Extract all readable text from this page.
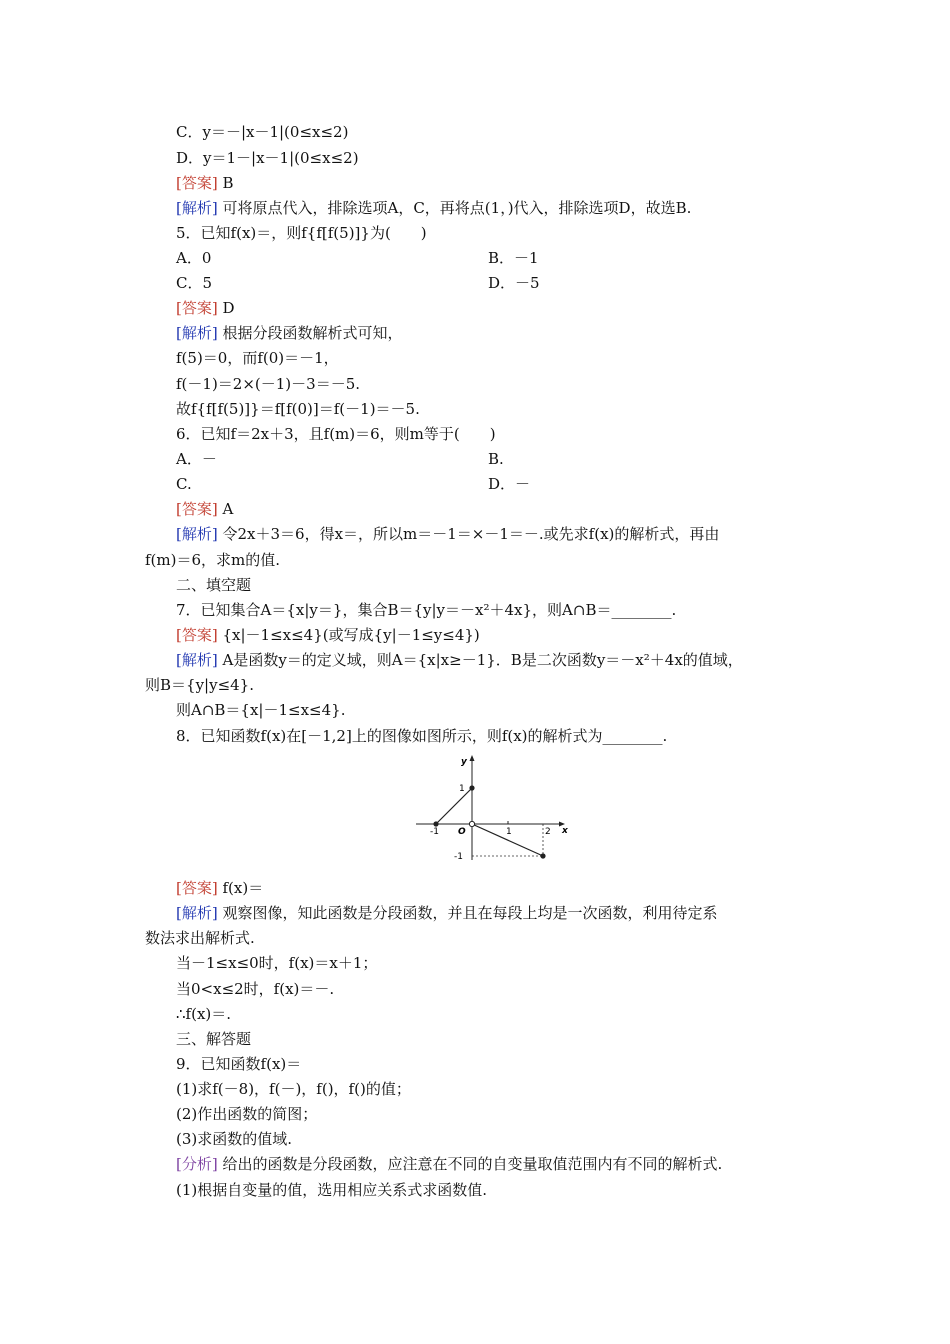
C．y＝－|x－1|(0≤x≤2)
D．y＝1－|x－1|(0≤x≤2)
[答案] B
[解析] 可将原点代入，排除选项A，C，再将点(1，)代入，排除选项D，故选B.
5．已知f(x)＝，则f{f[f(5)]}为(　　)
A．0	B．－1
C．5	D．－5
[答案] D
[解析] 根据分段函数解析式可知，
f(5)＝0，而f(0)＝－1，
f(－1)＝2×(－1)－3＝－5.
故f{f[f(5)]}＝f[f(0)]＝f(－1)＝－5.
6．已知f＝2x＋3，且f(m)＝6，则m等于(　　)
A．－	B.
C.	D．－
[答案] A
[解析] 令2x＋3＝6，得x＝，所以m＝－1＝×－1＝－.或先求f(x)的解析式，再由
f(m)＝6，求m的值.
二、填空题
7．已知集合A＝{x|y＝}，集合B＝{y|y＝－x²＋4x}，则A∩B＝________.
[答案] {x|－1≤x≤4}(或写成{y|－1≤y≤4})
[解析] A是函数y＝的定义域，则A＝{x|x≥－1}．B是二次函数y＝－x²＋4x的值域，
则B＝{y|y≤4}.
则A∩B＝{x|－1≤x≤4}.
8．已知函数f(x)在[－1,2]上的图像如图所示，则f(x)的解析式为________.
y
x
O	1	2
-1
1
-1
[答案] f(x)＝
[解析] 观察图像，知此函数是分段函数，并且在每段上均是一次函数，利用待定系
数法求出解析式.
当－1≤x≤0时，f(x)＝x＋1；
当0<x≤2时，f(x)＝－.
∴f(x)＝.
三、解答题
9．已知函数f(x)＝
(1)求f(－8)，f(－)，f()，f()的值；
(2)作出函数的简图；
(3)求函数的值域.
[分析] 给出的函数是分段函数，应注意在不同的自变量取值范围内有不同的解析式.
(1)根据自变量的值，选用相应关系式求函数值.
